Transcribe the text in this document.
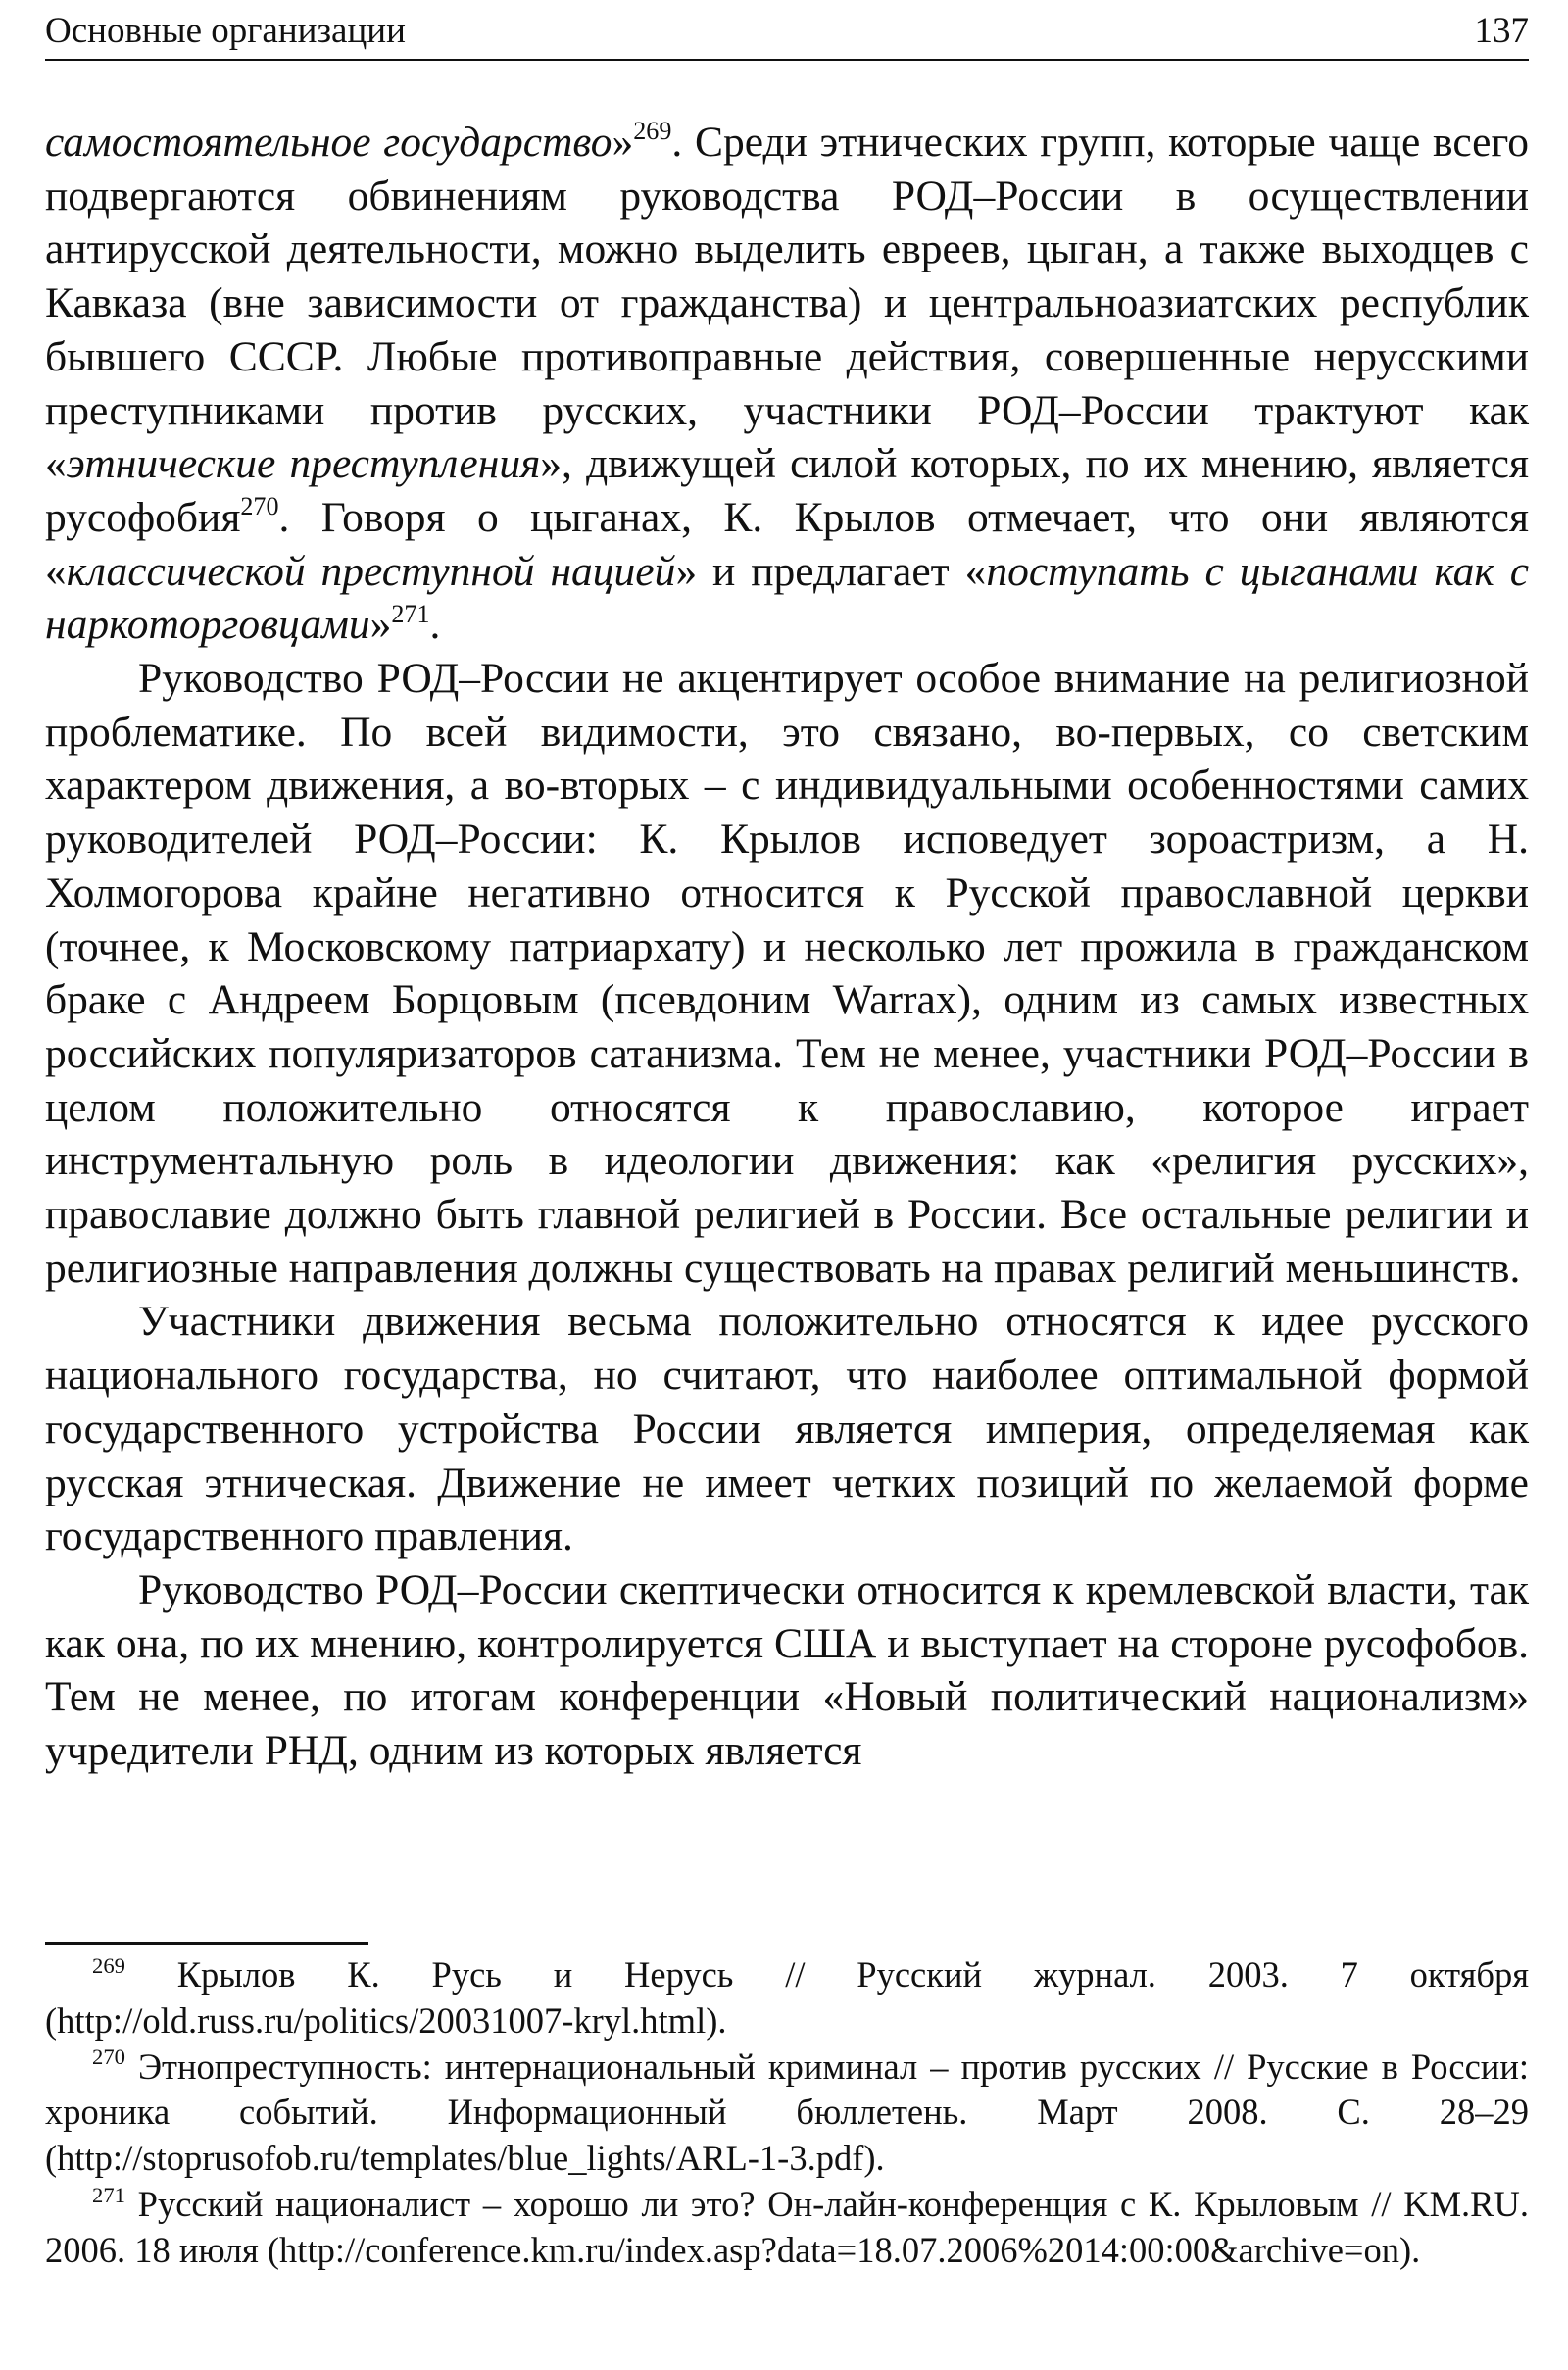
Основные организации	137

самостоятельное государство»$^{269}$. Среди этнических групп, которые чаще всего подвергаются обвинениям руководства РОД–России в осуществлении антирусской деятельности, можно выделить евреев, цыган, а также выходцев с Кавказа (вне зависимости от гражданства) и центральноазиатских республик бывшего СССР. Любые противоправные действия, совершенные нерусскими преступниками против русских, участники РОД–России трактуют как «этнические преступления», движущей силой которых, по их мнению, является русофобия$^{270}$. Говоря о цыганах, К. Крылов отмечает, что они являются «классической преступной нацией» и предлагает «поступать с цыганами как с наркоторговцами»$^{271}$.

Руководство РОД–России не акцентирует особое внимание на религиозной проблематике. По всей видимости, это связано, во-первых, со светским характером движения, а во-вторых – с индивидуальными особенностями самих руководителей РОД–России: К. Крылов исповедует зороастризм, а Н. Холмогорова крайне негативно относится к Русской православной церкви (точнее, к Московскому патриархату) и несколько лет прожила в гражданском браке с Андреем Борцовым (псевдоним Warrax), одним из самых известных российских популяризаторов сатанизма. Тем не менее, участники РОД–России в целом положительно относятся к православию, которое играет инструментальную роль в идеологии движения: как «религия русских», православие должно быть главной религией в России. Все остальные религии и религиозные направления должны существовать на правах религий меньшинств.

Участники движения весьма положительно относятся к идее русского национального государства, но считают, что наиболее оптимальной формой государственного устройства России является империя, определяемая как русская этническая. Движение не имеет четких позиций по желаемой форме государственного правления.

Руководство РОД–России скептически относится к кремлевской власти, так как она, по их мнению, контролируется США и выступает на стороне русофобов. Тем не менее, по итогам конференции «Новый политический национализм» учредители РНД, одним из которых является

$^{269}$ Крылов К. Русь и Нерусь // Русский журнал. 2003. 7 октября (http://old.russ.ru/politics/20031007-kryl.html).

$^{270}$ Этнопреступность: интернациональный криминал – против русских // Русские в России: хроника событий. Информационный бюллетень. Март 2008. С. 28–29 (http://stoprusofob.ru/templates/blue_lights/ARL-1-3.pdf).

$^{271}$ Русский националист – хорошо ли это? Он-лайн-конференция с К. Крыловым // KM.RU. 2006. 18 июля (http://conference.km.ru/index.asp?data=18.07.2006%2014:00:00&archive=on).
